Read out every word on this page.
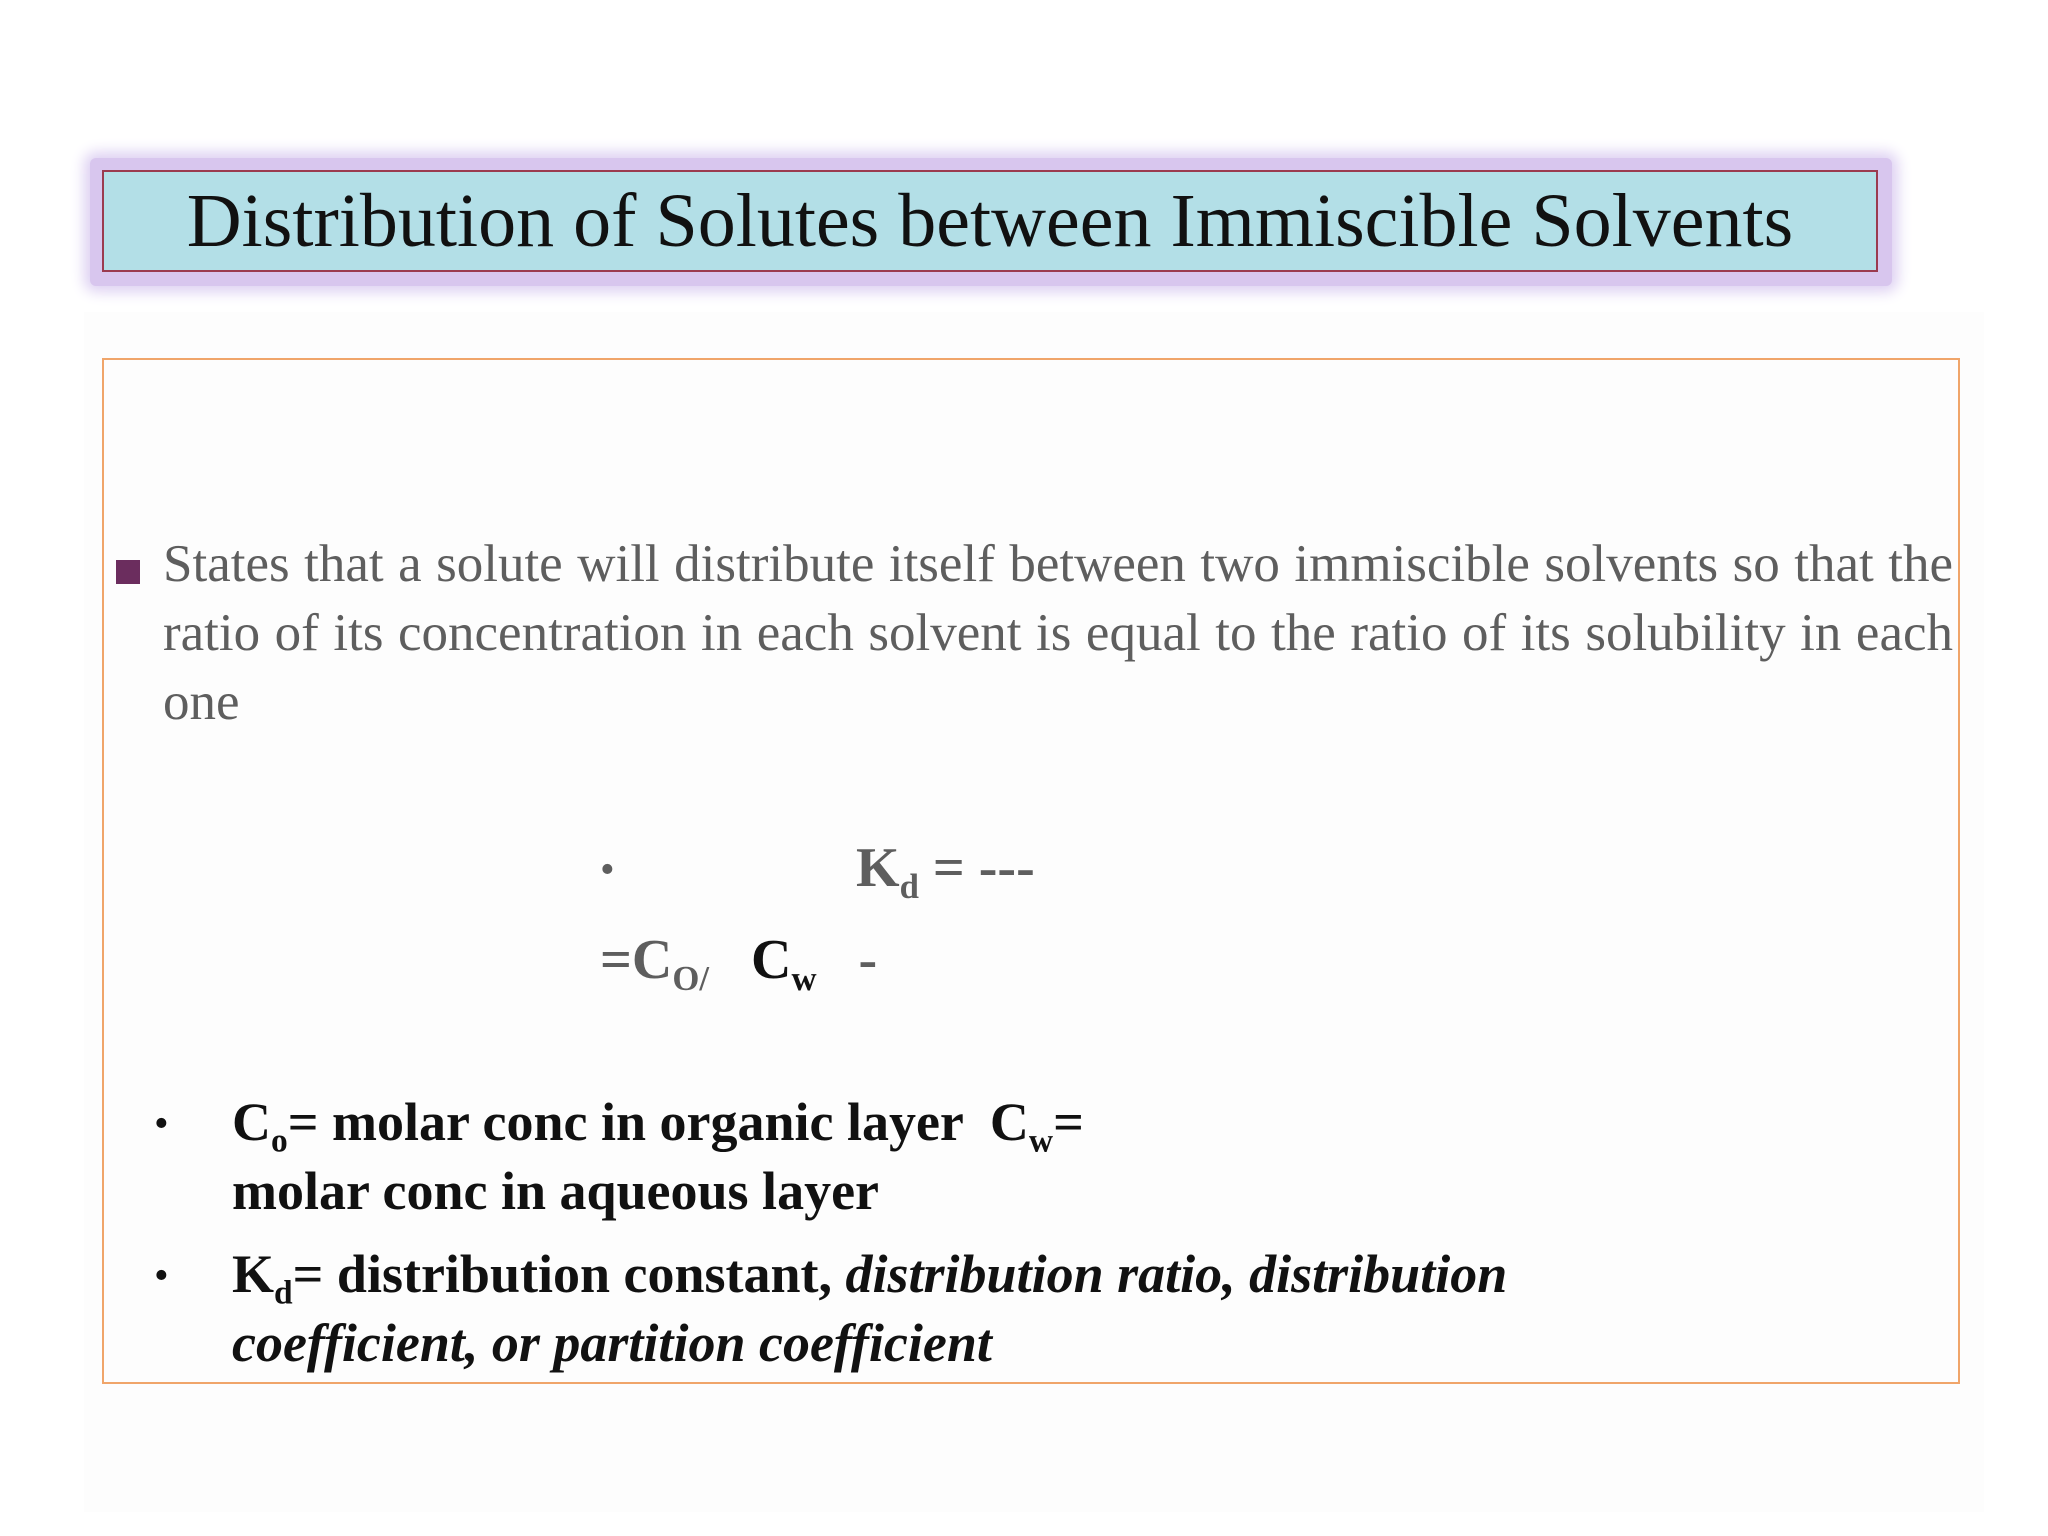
Distribution of Solutes between Immiscible Solvents
States that a solute will distribute itself between two immiscible solvents so that the ratio of its concentration in each solvent is equal to the ratio of its solubility in each one
•	$K_d$ = ---
$=C_{O/}$ $C_w$ -
• $C_o=$ molar conc in organic layer $C_w=$
molar conc in aqueous layer
• $K_d=$ distribution constant, distribution ratio, distribution
coefficient, or partition coefficient
